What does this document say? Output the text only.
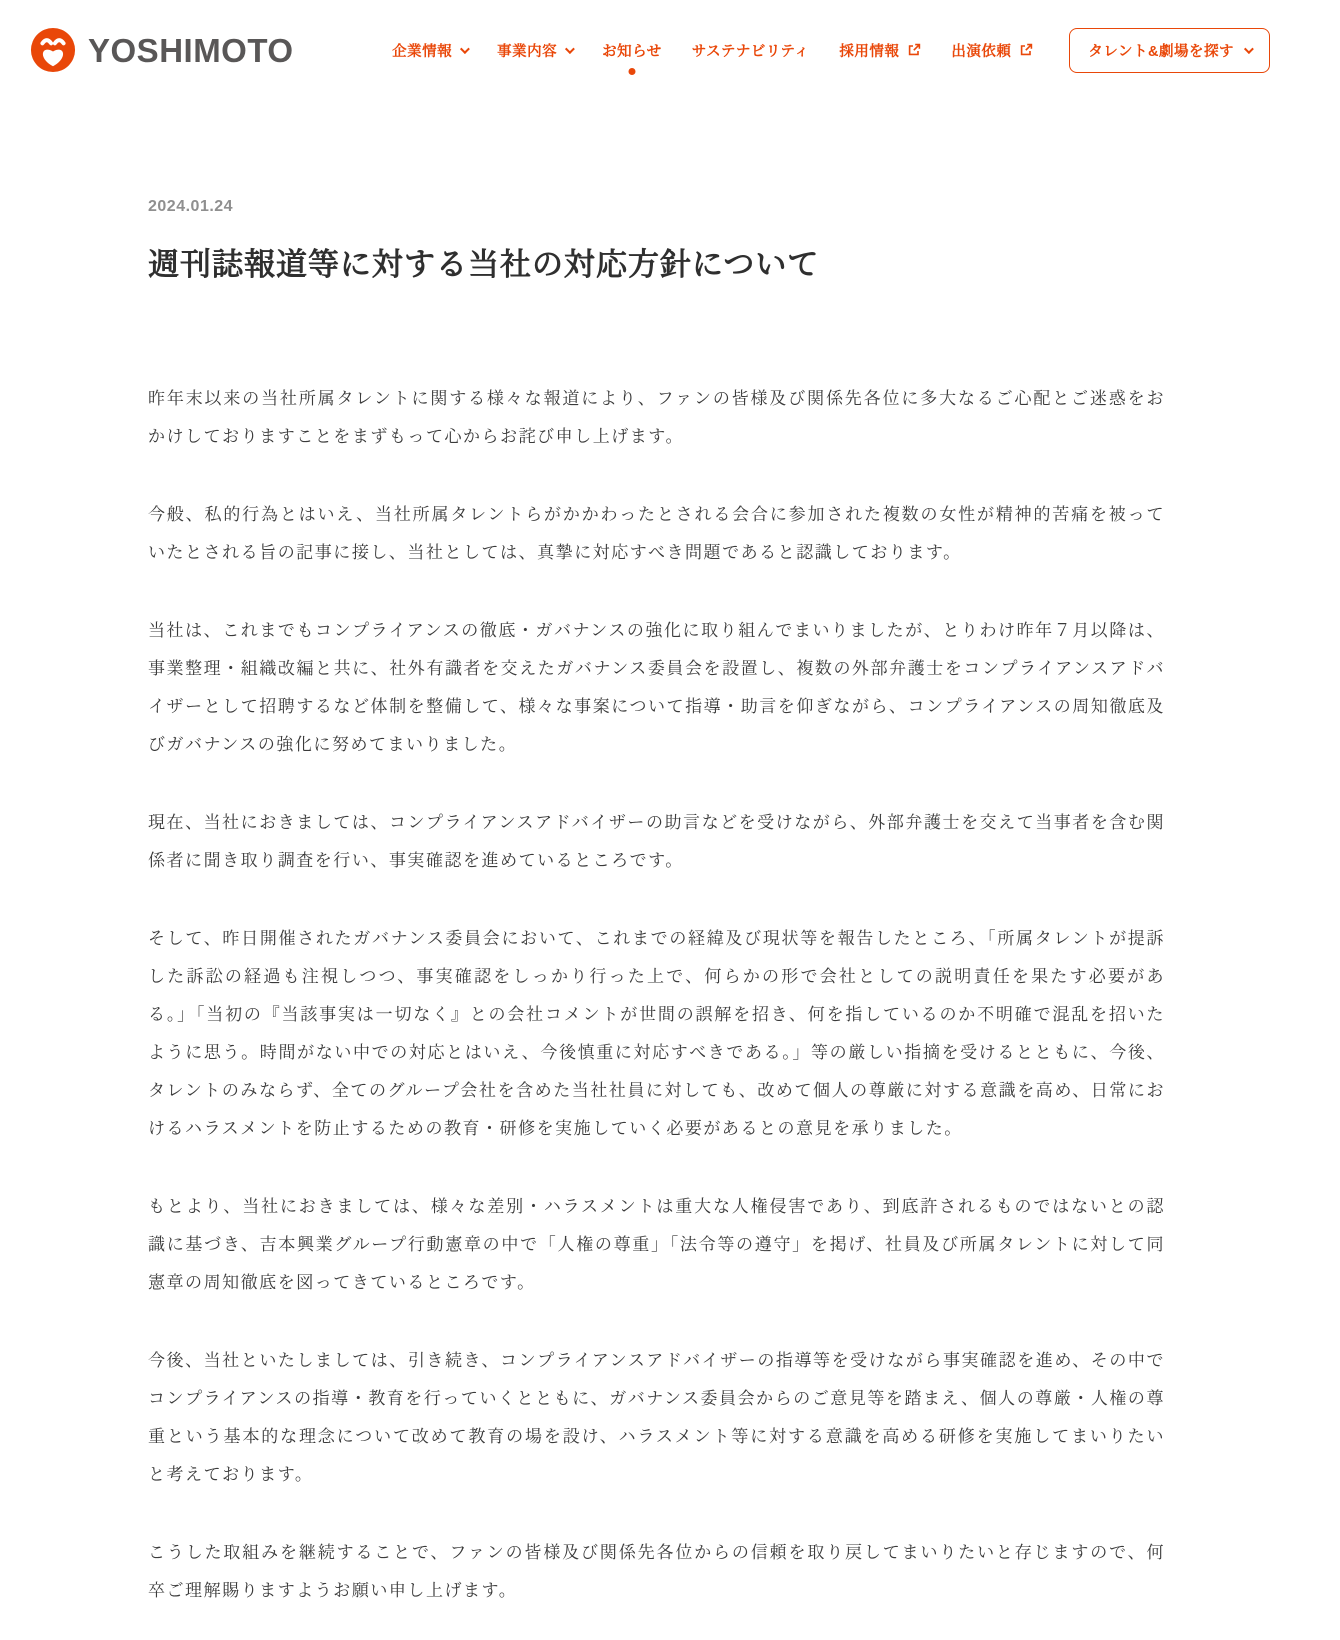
YOSHIMOTO	企業情報	事業内容	お知らせ サステナビリティ 採用情報	出演依頼	タレント&劇場を探す
2024.01.24
週刊誌報道等に対する当社の対応方針について

昨年末以来の当社所属タレントに関する様々な報道により、ファンの皆様及び関係先各位に多大なるご心配とご迷惑をおかけしておりますことをまずもって心からお詫び申し上げます。

今般、私的行為とはいえ、当社所属タレントらがかかわったとされる会合に参加された複数の女性が精神的苦痛を被っていたとされる旨の記事に接し、当社としては、真摯に対応すべき問題であると認識しております。

当社は、これまでもコンプライアンスの徹底・ガバナンスの強化に取り組んでまいりましたが、とりわけ昨年７月以降は、事業整理・組織改編と共に、社外有識者を交えたガバナンス委員会を設置し、複数の外部弁護士をコンプライアンスアドバイザーとして招聘するなど体制を整備して、様々な事案について指導・助言を仰ぎながら、コンプライアンスの周知徹底及びガバナンスの強化に努めてまいりました。

現在、当社におきましては、コンプライアンスアドバイザーの助言などを受けながら、外部弁護士を交えて当事者を含む関係者に聞き取り調査を行い、事実確認を進めているところです。

そして、昨日開催されたガバナンス委員会において、これまでの経緯及び現状等を報告したところ、「所属タレントが提訴した訴訟の経過も注視しつつ、事実確認をしっかり行った上で、何らかの形で会社としての説明責任を果たす必要がある。」「当初の『当該事実は一切なく』との会社コメントが世間の誤解を招き、何を指しているのか不明確で混乱を招いたように思う。時間がない中での対応とはいえ、今後慎重に対応すべきである。」等の厳しい指摘を受けるとともに、今後、タレントのみならず、全てのグループ会社を含めた当社社員に対しても、改めて個人の尊厳に対する意識を高め、日常におけるハラスメントを防止するための教育・研修を実施していく必要があるとの意見を承りました。

もとより、当社におきましては、様々な差別・ハラスメントは重大な人権侵害であり、到底許されるものではないとの認識に基づき、吉本興業グループ行動憲章の中で「人権の尊重」「法令等の遵守」を掲げ、社員及び所属タレントに対して同憲章の周知徹底を図ってきているところです。

今後、当社といたしましては、引き続き、コンプライアンスアドバイザーの指導等を受けながら事実確認を進め、その中でコンプライアンスの指導・教育を行っていくとともに、ガバナンス委員会からのご意見等を踏まえ、個人の尊厳・人権の尊重という基本的な理念について改めて教育の場を設け、ハラスメント等に対する意識を高める研修を実施してまいりたいと考えております。

こうした取組みを継続することで、ファンの皆様及び関係先各位からの信頼を取り戻してまいりたいと存じますので、何卒ご理解賜りますようお願い申し上げます。
